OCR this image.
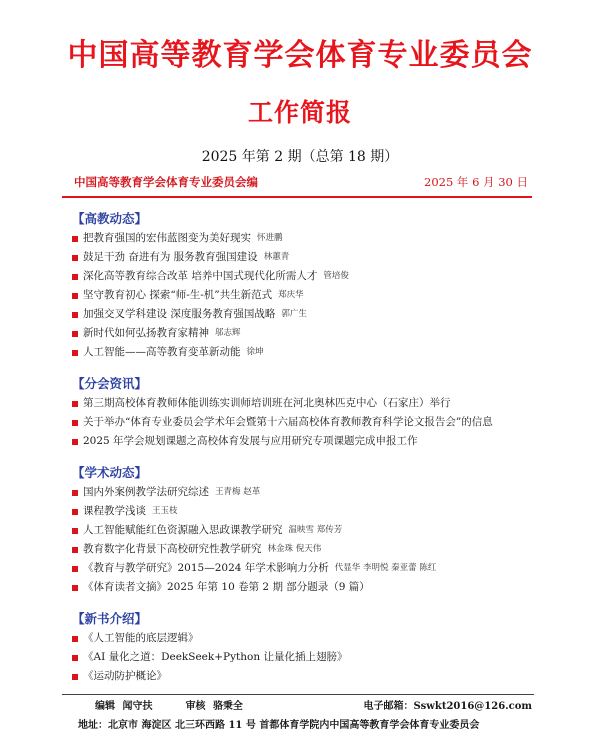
中国高等教育学会体育专业委员会
工作简报
2025 年第 2 期（总第 18 期）
中国高等教育学会体育专业委员会编	2025 年 6 月 30 日
【高教动态】
把教育强国的宏伟蓝图变为美好现实 怀进鹏
鼓足干劲 奋进有为 服务教育强国建设 林蕙青
深化高等教育综合改革 培养中国式现代化所需人才 管培俊
坚守教育初心 探索“师-生-机”共生新范式 郑庆华
加强交叉学科建设 深度服务教育强国战略 郭广生
新时代如何弘扬教育家精神 邬志辉
人工智能——高等教育变革新动能 徐坤
【分会资讯】
第三期高校体育教师体能训练实训师培训班在河北奥林匹克中心（石家庄）举行
关于举办“体育专业委员会学术年会暨第十六届高校体育教师教育科学论文报告会”的信息
2025 年学会规划课题之高校体育发展与应用研究专项课题完成申报工作
【学术动态】
国内外案例教学法研究综述 王青梅 赵革
课程教学浅谈 王玉枝
人工智能赋能红色资源融入思政课教学研究 温映雪 郑传芳
教育数字化背景下高校研究性教学研究 林金珠 倪天伟
《教育与教学研究》2015—2024 年学术影响力分析 代显华 李明悦 秦亚蕾 陈红
《体育读者文摘》2025 年第 10 卷第 2 期 部分题录（9 篇）
【新书介绍】
《人工智能的底层逻辑》
《AI 量化之道：DeekSeek+Python 让量化插上翅膀》
《运动防护概论》
编辑 闻守扶	审核 骆秉全	电子邮箱：Sswkt2016@126.com
地址：北京市 海淀区 北三环西路 11 号 首都体育学院内中国高等教育学会体育专业委员会
